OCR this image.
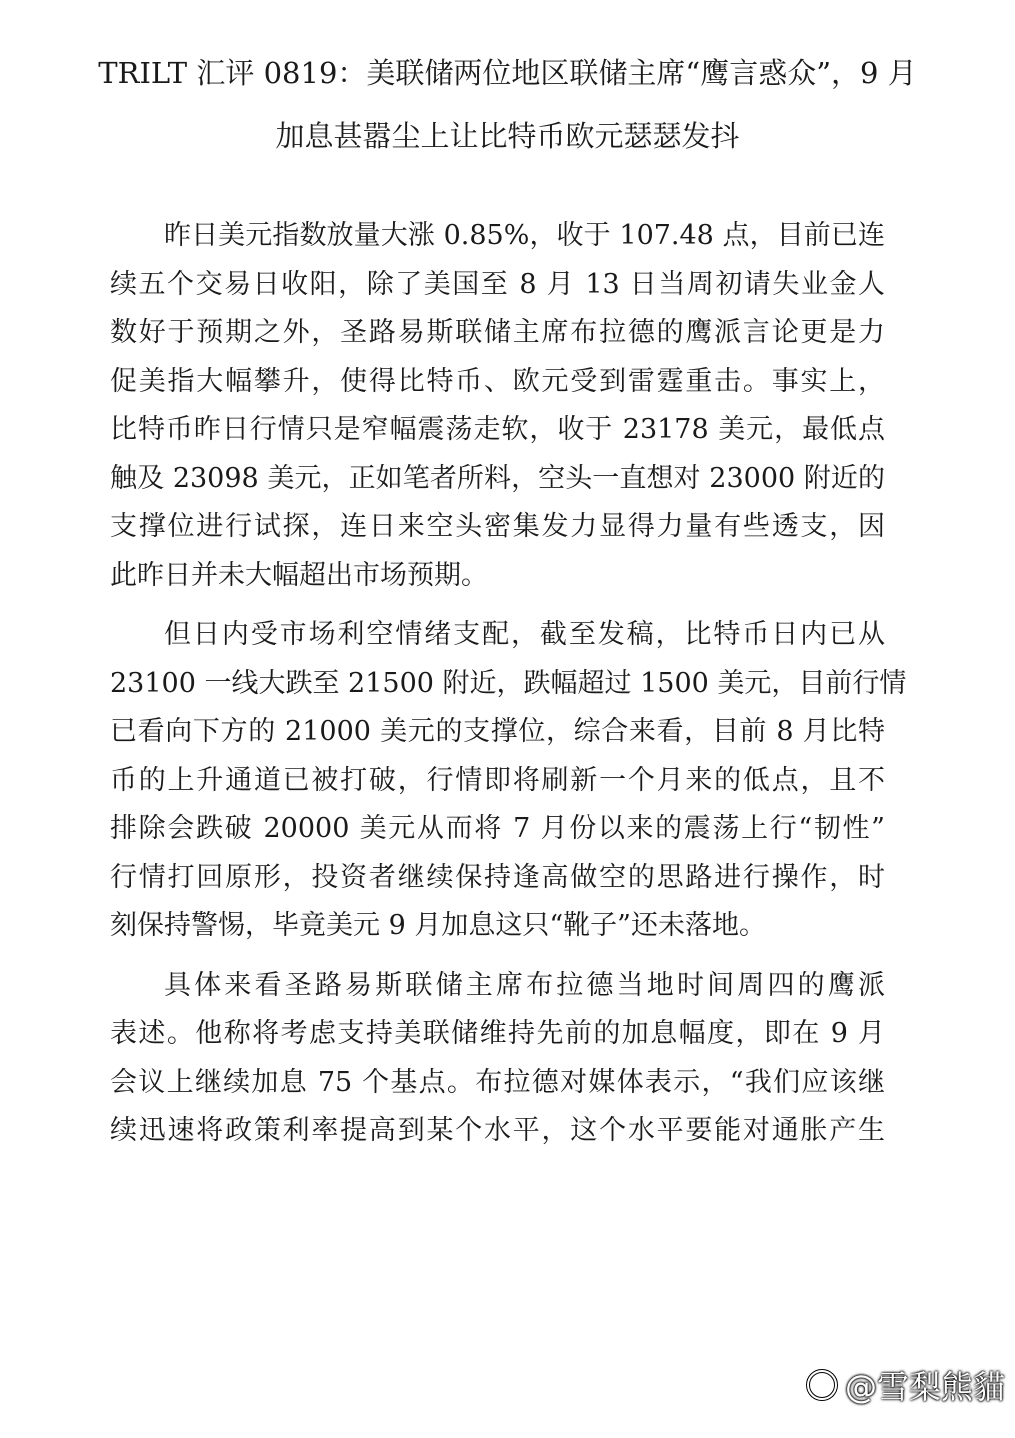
TRILT 汇评 0819：美联储两位地区联储主席“鹰言惑众”，9 月
加息甚嚣尘上让比特币欧元瑟瑟发抖

昨日美元指数放量大涨 0.85%，收于 107.48 点，目前已连
续五个交易日收阳，除了美国至 8 月 13 日当周初请失业金人
数好于预期之外，圣路易斯联储主席布拉德的鹰派言论更是力
促美指大幅攀升，使得比特币、欧元受到雷霆重击。事实上，
比特币昨日行情只是窄幅震荡走软，收于 23178 美元，最低点
触及 23098 美元，正如笔者所料，空头一直想对 23000 附近的
支撑位进行试探，连日来空头密集发力显得力量有些透支，因
此昨日并未大幅超出市场预期。

但日内受市场利空情绪支配，截至发稿，比特币日内已从
23100 一线大跌至 21500 附近，跌幅超过 1500 美元，目前行情
已看向下方的 21000 美元的支撑位，综合来看，目前 8 月比特
币的上升通道已被打破，行情即将刷新一个月来的低点，且不
排除会跌破 20000 美元从而将 7 月份以来的震荡上行“韧性”
行情打回原形，投资者继续保持逢高做空的思路进行操作，时
刻保持警惕，毕竟美元 9 月加息这只“靴子”还未落地。

具体来看圣路易斯联储主席布拉德当地时间周四的鹰派
表述。他称将考虑支持美联储维持先前的加息幅度，即在 9 月
会议上继续加息 75 个基点。布拉德对媒体表示，“我们应该继
续迅速将政策利率提高到某个水平，这个水平要能对通胀产生

@雪梨熊貓
